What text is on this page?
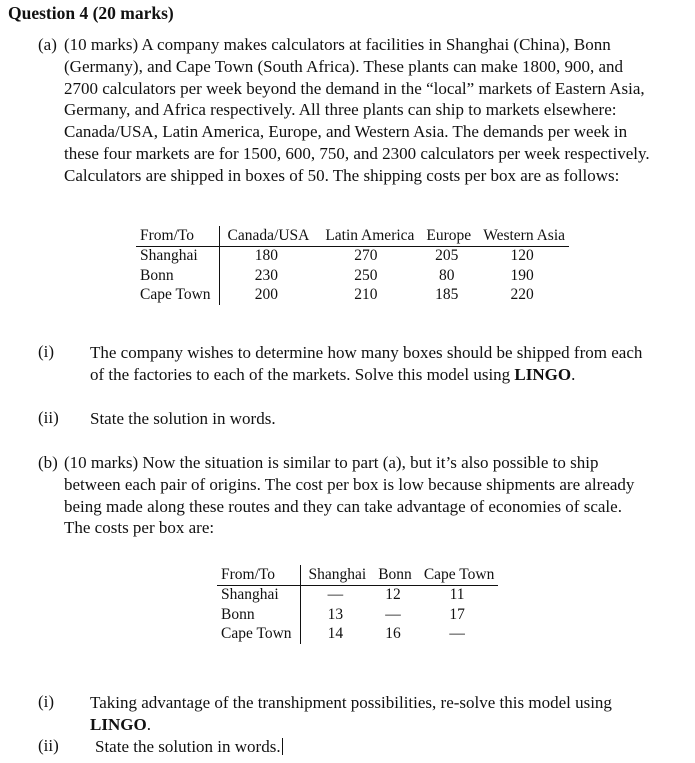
Question 4 (20 marks)
(a) (10 marks) A company makes calculators at facilities in Shanghai (China), Bonn
(Germany), and Cape Town (South Africa). These plants can make 1800, 900, and
2700 calculators per week beyond the demand in the “local” markets of Eastern Asia,
Germany, and Africa respectively. All three plants can ship to markets elsewhere:
Canada/USA, Latin America, Europe, and Western Asia. The demands per week in
these four markets are for 1500, 600, 750, and 2300 calculators per week respectively.
Calculators are shipped in boxes of 50. The shipping costs per box are as follows:
From/To	Canada/USA	Latin America	Europe	Western Asia
Shanghai	180	270	205	120
Bonn	230	250	80	190
Cape Town	200	210	185	220
(i) The company wishes to determine how many boxes should be shipped from each
of the factories to each of the markets. Solve this model using LINGO.
(ii) State the solution in words.
(b) (10 marks) Now the situation is similar to part (a), but it’s also possible to ship
between each pair of origins. The cost per box is low because shipments are already
being made along these routes and they can take advantage of economies of scale.
The costs per box are:
From/To	Shanghai	Bonn	Cape Town
Shanghai	—	12	11
Bonn	13	—	17
Cape Town	14	16	—
(i) Taking advantage of the transhipment possibilities, re-solve this model using
LINGO.
(ii) State the solution in words.
